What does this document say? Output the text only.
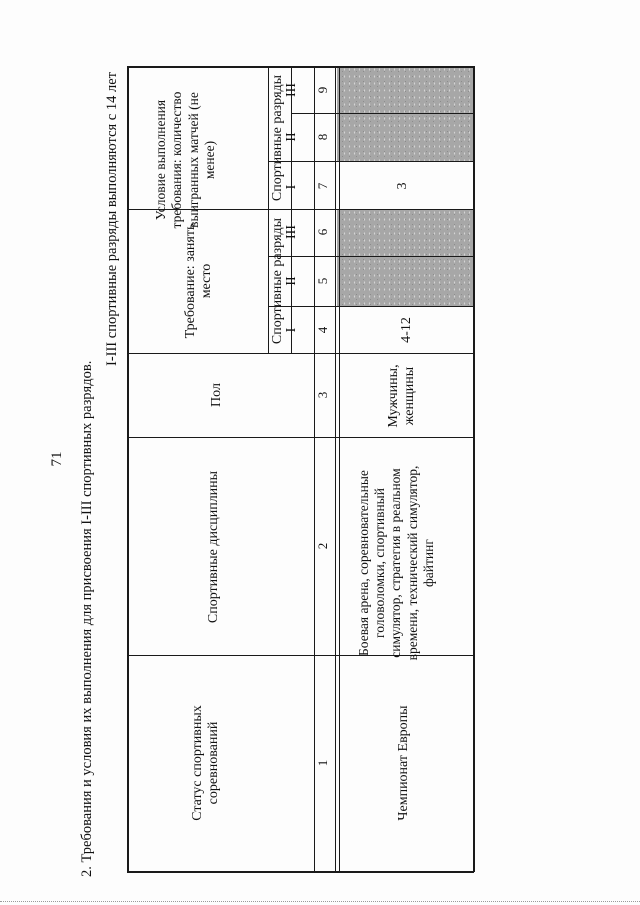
71 2. Требования и условия их выполнения для присвоения I-III спортивных разрядов.
I-III спортивные разряды выполняются с 14 лет
Статус спортивных соревнований
Спортивные дисциплины
Пол
Требование: занять место
Условие выполнения требования: количество выигранных матчей (не менее)
Спортивные разряды
Спортивные разряды
I
II
III
I
II
III
1
2
3
4
5
6
7
8
9
Чемпионат Европы
Боевая арена, соревновательные головоломки, спортивный симулятор, стратегия в реальном времени, технический симулятор, файтинг
Мужчины, женщины
4-12
3
